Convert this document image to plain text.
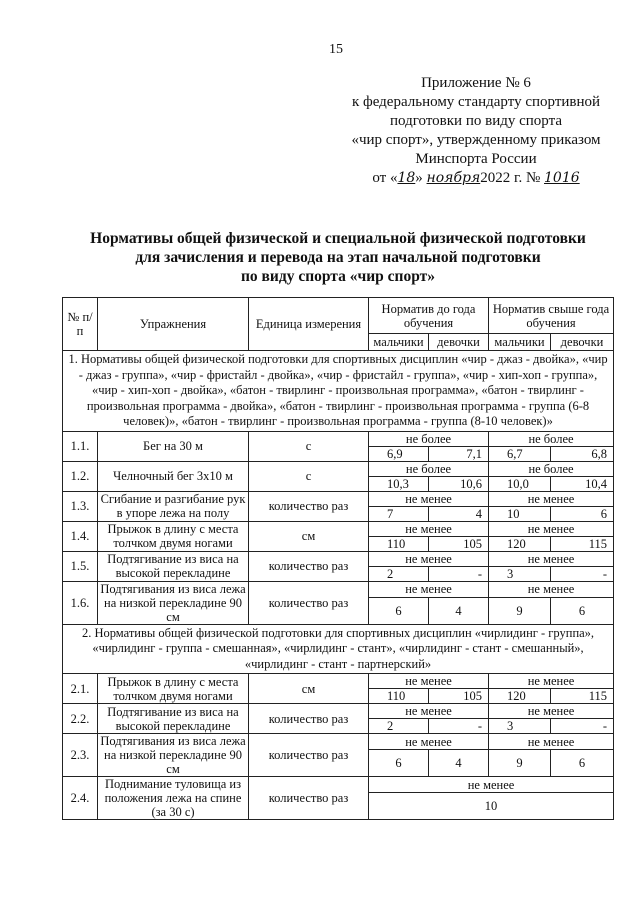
15
Приложение № 6
к федеральному стандарту спортивной
подготовки по виду спорта
«чир спорт», утвержденному приказом
Минспорта России
от «18» ноября2022 г. № 1016
Нормативы общей физической и специальной физической подготовки
для зачисления и перевода на этап начальной подготовки
по виду спорта «чир спорт»
№ п/п	Упражнения	Единица измерения	Норматив до года обучения		Норматив свыше года обучения	
			мальчики	девочки	мальчики	девочки
1. Нормативы общей физической подготовки для спортивных дисциплин «чир - джаз - двойка», «чир - джаз - группа», «чир - фристайл - двойка», «чир - фристайл - группа», «чир - хип-хоп - группа», «чир - хип-хоп - двойка», «батон - твирлинг - произвольная программа», «батон - твирлинг - произвольная программа - двойка», «батон - твирлинг - произвольная программа - группа (6-8 человек)», «батон - твирлинг - произвольная программа - группа (8-10 человек)»						
1.1.	Бег на 30 м	с	не более		не более	
			6,9	7,1	6,7	6,8
1.2.	Челночный бег 3х10 м	с	не более		не более	
			10,3	10,6	10,0	10,4
1.3.	Сгибание и разгибание рук в упоре лежа на полу	количество раз	не менее		не менее	
			7	4	10	6
1.4.	Прыжок в длину с места толчком двумя ногами	см	не менее		не менее	
			110	105	120	115
1.5.	Подтягивание из виса на высокой перекладине	количество раз	не менее		не менее	
			2	-	3	-
1.6.	Подтягивания из виса лежа на низкой перекладине 90 см	количество раз	не менее		не менее	
			6	4	9	6
2. Нормативы общей физической подготовки для спортивных дисциплин «чирлидинг - группа», «чирлидинг - группа - смешанная», «чирлидинг - стант», «чирлидинг - стант - смешанный», «чирлидинг - стант - партнерский»						
2.1.	Прыжок в длину с места толчком двумя ногами	см	не менее		не менее	
			110	105	120	115
2.2.	Подтягивание из виса на высокой перекладине	количество раз	не менее		не менее	
			2	-	3	-
2.3.	Подтягивания из виса лежа на низкой перекладине 90 см	количество раз	не менее		не менее	
			6	4	9	6
2.4.	Поднимание туловища из положения лежа на спине (за 30 с)	количество раз	не менее			
			10			
